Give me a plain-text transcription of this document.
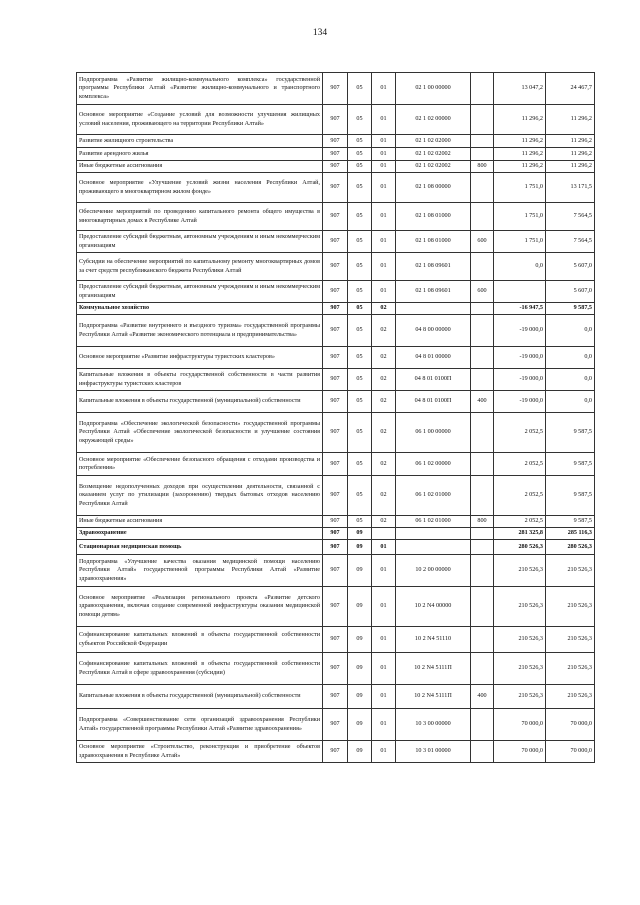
134
Подпрограмма «Развитие жилищно-коммунального комплекса» государственной программы Республики Алтай «Развитие жилищно-коммунального и транспортного комплекса»	907	05	01	02 1 00 00000		13 047,2	24 467,7
Основное мероприятие «Создание условий для возможности улучшения жилищных условий населения, проживающего на территории Республики Алтай»	907	05	01	02 1 02 00000		11 296,2	11 296,2
Развитие жилищного строительства	907	05	01	02 1 02 02000		11 296,2	11 296,2
Развитие арендного жилья	907	05	01	02 1 02 02002		11 296,2	11 296,2
Иные бюджетные ассигнования	907	05	01	02 1 02 02002	800	11 296,2	11 296,2
Основное мероприятие «Улучшение условий жизни населения Республики Алтай, проживающего в многоквартирном жилом фонде»	907	05	01	02 1 08 00000		1 751,0	13 171,5
Обеспечение мероприятий по проведению капитального ремонта общего имущества в многоквартирных домах в Республике Алтай	907	05	01	02 1 08 01000		1 751,0	7 564,5
Предоставление субсидий бюджетным, автономным учреждениям и иным некоммерческим организациям	907	05	01	02 1 08 01000	600	1 751,0	7 564,5
Субсидии на обеспечение мероприятий по капитальному ремонту многоквартирных домов за счет средств республиканского бюджета Республики Алтай	907	05	01	02 1 08 09601		0,0	5 607,0
Предоставление субсидий бюджетным, автономным учреждениям и иным некоммерческим организациям	907	05	01	02 1 08 09601	600		5 607,0
Коммунальное хозяйство	907	05	02			-16 947,5	9 587,5
Подпрограмма «Развитие внутреннего и въездного туризма» государственной программы Республики Алтай «Развитие экономического потенциала и предпринимательства»	907	05	02	04 8 00 00000		-19 000,0	0,0
Основное мероприятие «Развитие инфраструктуры туристских кластеров»	907	05	02	04 8 01 00000		-19 000,0	0,0
Капитальные вложения в объекты государственной собственности в части развития инфраструктуры туристских кластеров	907	05	02	04 8 01 0100П		-19 000,0	0,0
Капитальные вложения в объекты государственной (муниципальной) собственности	907	05	02	04 8 01 0100П	400	-19 000,0	0,0
Подпрограмма «Обеспечение экологической безопасности» государственной программы Республики Алтай «Обеспечение экологической безопасности и улучшение состояния окружающей среды»	907	05	02	06 1 00 00000		2 052,5	9 587,5
Основное мероприятие «Обеспечение безопасного обращения с отходами производства и потребления»	907	05	02	06 1 02 00000		2 052,5	9 587,5
Возмещение недополученных доходов при осуществлении деятельности, связанной с оказанием услуг по утилизации (захоронению) твердых бытовых отходов населению Республики Алтай	907	05	02	06 1 02 01000		2 052,5	9 587,5
Иные бюджетные ассигнования	907	05	02	06 1 02 01000	800	2 052,5	9 587,5
Здравоохранение	907	09				281 325,8	285 116,3
Стационарная медицинская помощь	907	09	01			280 526,3	280 526,3
Подпрограмма «Улучшение качества оказания медицинской помощи населению Республики Алтай» государственной программы Республики Алтай «Развитие здравоохранения»	907	09	01	10 2 00 00000		210 526,3	210 526,3
Основное мероприятие «Реализация регионального проекта «Развитие детского здравоохранения, включая создание современной инфраструктуры оказания медицинской помощи детям»	907	09	01	10 2 N4 00000		210 526,3	210 526,3
Софинансирование капитальных вложений в объекты государственной собственности субъектов Российской Федерации	907	09	01	10 2 N4 51110		210 526,3	210 526,3
Софинансирование капитальных вложений в объекты государственной собственности Республики Алтай в сфере здравоохранения (субсидии)	907	09	01	10 2 N4 5111П		210 526,3	210 526,3
Капитальные вложения в объекты государственной (муниципальной) собственности	907	09	01	10 2 N4 5111П	400	210 526,3	210 526,3
Подпрограмма «Совершенствование сети организаций здравоохранения Республики Алтай» государственной программы Республики Алтай «Развитие здравоохранения»	907	09	01	10 3 00 00000		70 000,0	70 000,0
Основное мероприятие «Строительство, реконструкция и приобретение объектов здравоохранения в Республике Алтай»	907	09	01	10 3 01 00000		70 000,0	70 000,0
